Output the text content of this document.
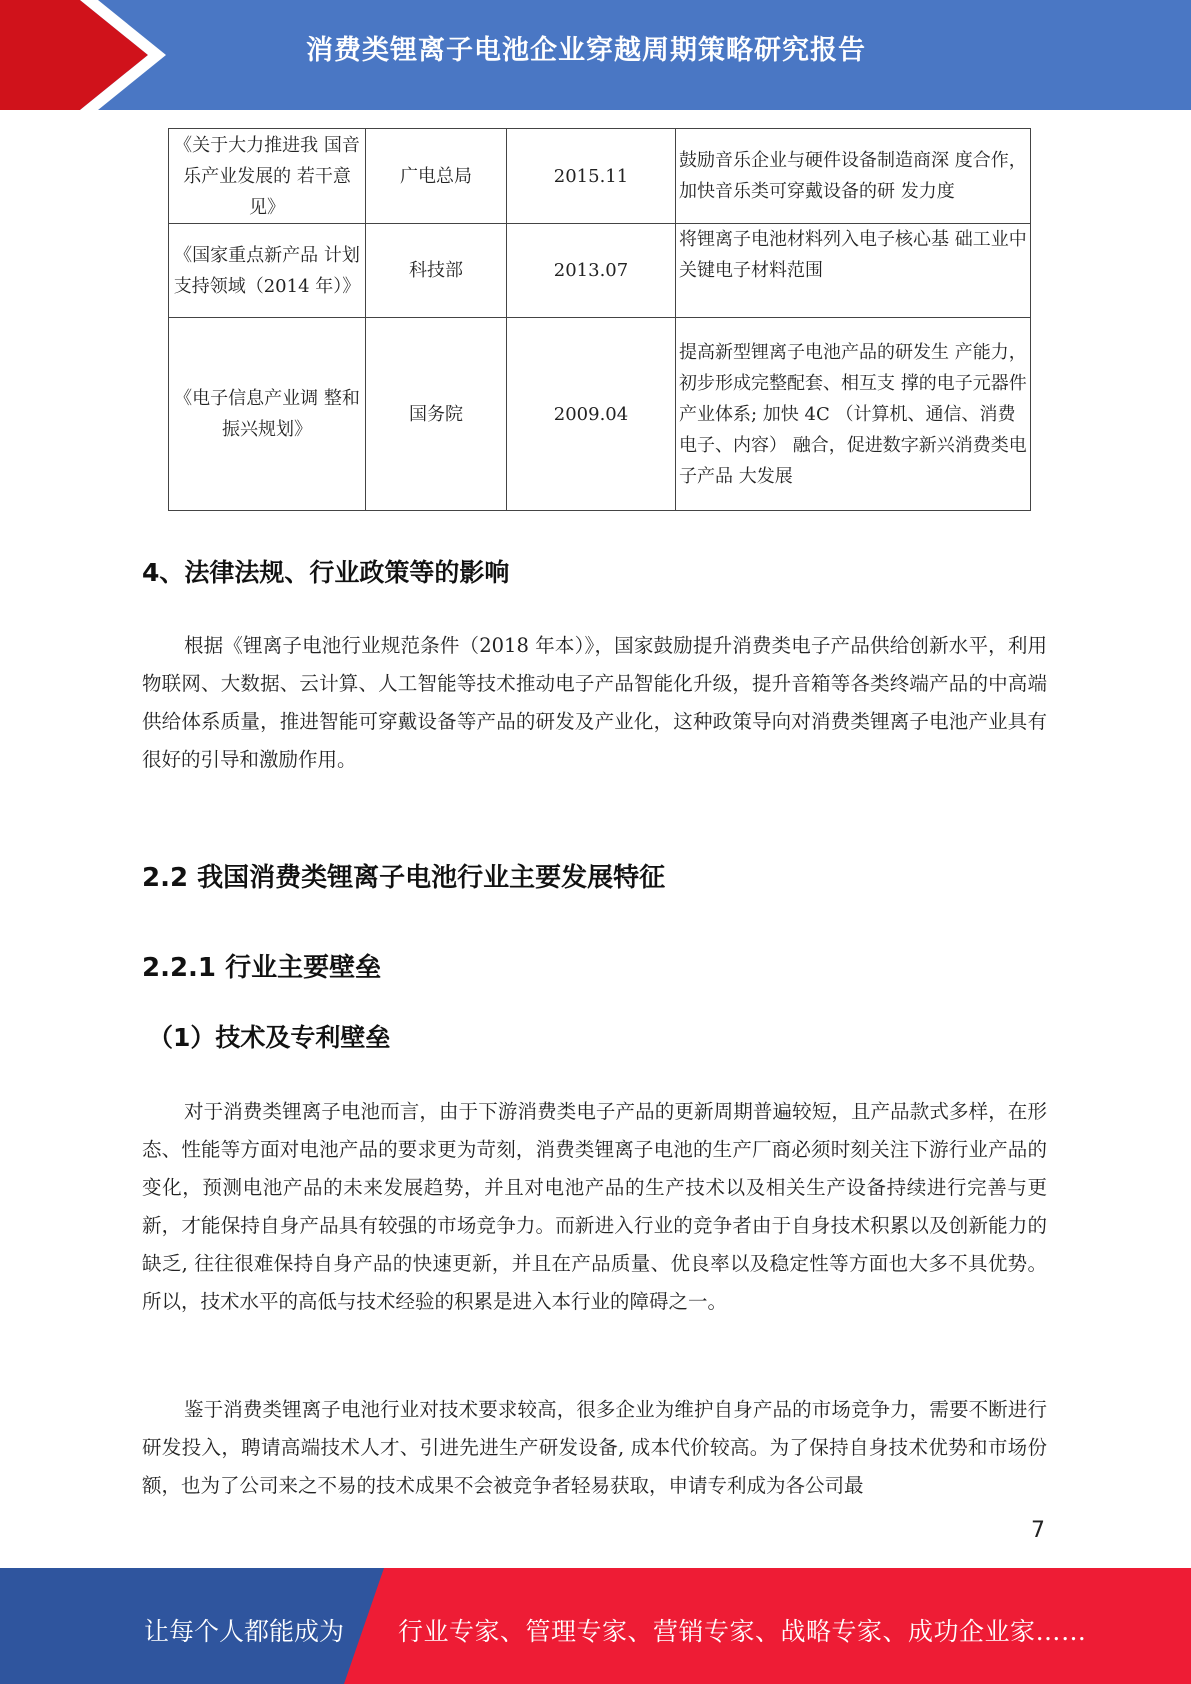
消费类锂离子电池企业穿越周期策略研究报告
《关于大力推进我 国音乐产业发展的 若干意见》	广电总局	2015.11	鼓励音乐企业与硬件设备制造商深 度合作，加快音乐类可穿戴设备的研 发力度
《国家重点新产品 计划支持领域（2014 年）》	科技部	2013.07	将锂离子电池材料列入电子核心基 础工业中关键电子材料范围
《电子信息产业调 整和振兴规划》	国务院	2009.04	提高新型锂离子电池产品的研发生 产能力，初步形成完整配套、相互支 撑的电子元器件产业体系; 加快 4C （计算机、通信、消费电子、内容） 融合，促进数字新兴消费类电子产品 大发展
4、法律法规、行业政策等的影响

根据《锂离子电池行业规范条件（2018 年本）》，国家鼓励提升消费类电子产品供给创新水平，利用物联网、大数据、云计算、人工智能等技术推动电子产品智能化升级，提升音箱等各类终端产品的中高端供给体系质量，推进智能可穿戴设备等产品的研发及产业化，这种政策导向对消费类锂离子电池产业具有很好的引导和激励作用。

2.2 我国消费类锂离子电池行业主要发展特征
2.2.1 行业主要壁垒
（1）技术及专利壁垒

对于消费类锂离子电池而言，由于下游消费类电子产品的更新周期普遍较短，且产品款式多样，在形态、性能等方面对电池产品的要求更为苛刻，消费类锂离子电池的生产厂商必须时刻关注下游行业产品的变化，预测电池产品的未来发展趋势，并且对电池产品的生产技术以及相关生产设备持续进行完善与更新，才能保持自身产品具有较强的市场竞争力。而新进入行业的竞争者由于自身技术积累以及创新能力的缺乏, 往往很难保持自身产品的快速更新，并且在产品质量、优良率以及稳定性等方面也大多不具优势。所以，技术水平的高低与技术经验的积累是进入本行业的障碍之一。

鉴于消费类锂离子电池行业对技术要求较高，很多企业为维护自身产品的市场竞争力，需要不断进行研发投入，聘请高端技术人才、引进先进生产研发设备, 成本代价较高。为了保持自身技术优势和市场份额，也为了公司来之不易的技术成果不会被竞争者轻易获取，申请专利成为各公司最

7
让每个人都能成为 行业专家、管理专家、营销专家、战略专家、成功企业家……
